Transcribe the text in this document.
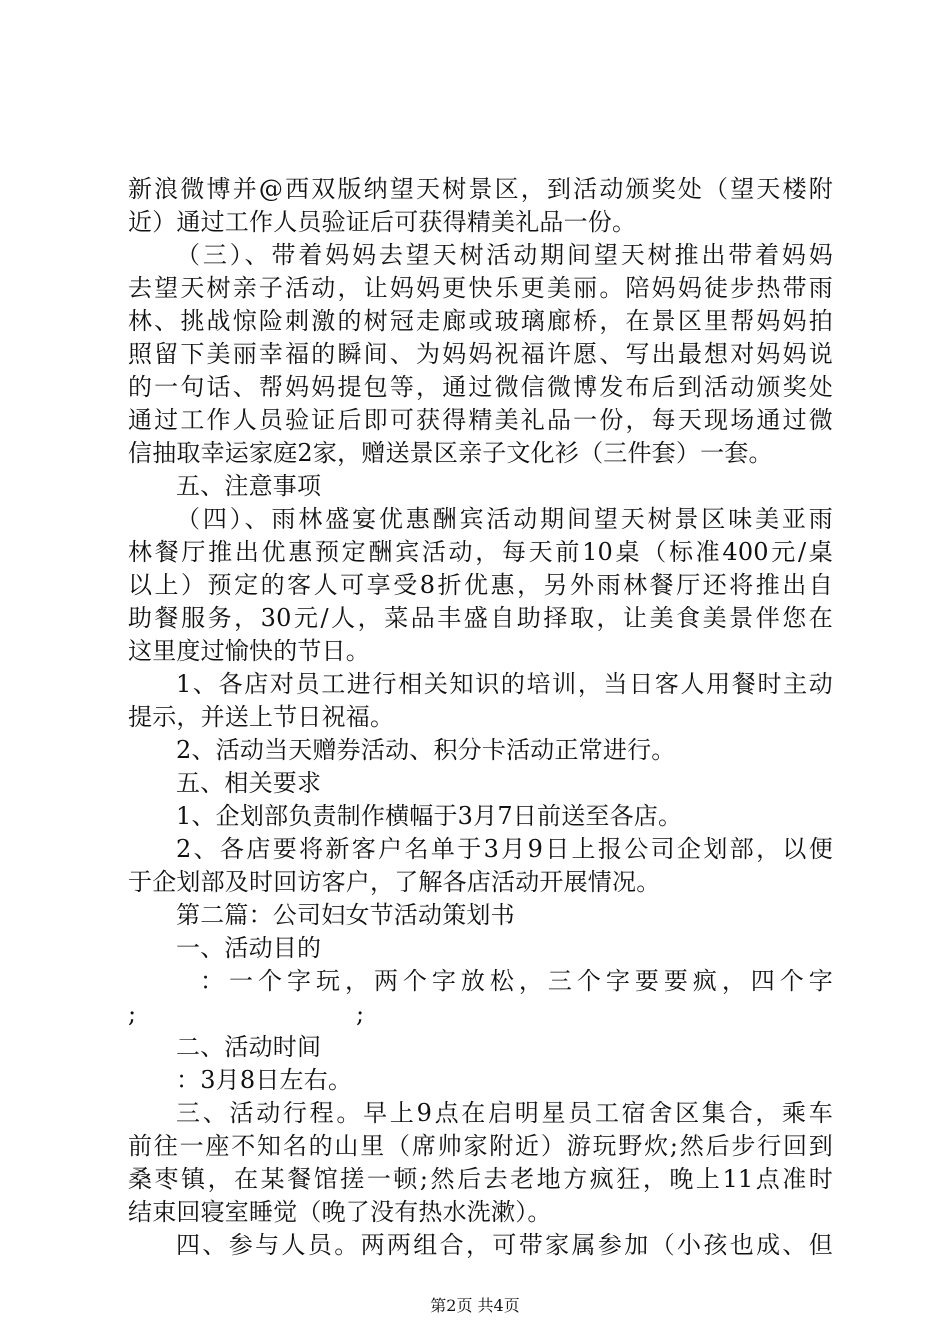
新浪微博并@西双版纳望天树景区，到活动颁奖处（望天楼附
近）通过工作人员验证后可获得精美礼品一份。
（三）、带着妈妈去望天树活动期间望天树推出带着妈妈
去望天树亲子活动，让妈妈更快乐更美丽。陪妈妈徒步热带雨
林、挑战惊险刺激的树冠走廊或玻璃廊桥，在景区里帮妈妈拍
照留下美丽幸福的瞬间、为妈妈祝福许愿、写出最想对妈妈说
的一句话、帮妈妈提包等，通过微信微博发布后到活动颁奖处
通过工作人员验证后即可获得精美礼品一份，每天现场通过微
信抽取幸运家庭2家，赠送景区亲子文化衫（三件套）一套。
五、注意事项
（四）、雨林盛宴优惠酬宾活动期间望天树景区味美亚雨
林餐厅推出优惠预定酬宾活动，每天前10桌（标准400元/桌
以上）预定的客人可享受8折优惠，另外雨林餐厅还将推出自
助餐服务，30元/人，菜品丰盛自助择取，让美食美景伴您在
这里度过愉快的节日。
1、各店对员工进行相关知识的培训，当日客人用餐时主动
提示，并送上节日祝福。
2、活动当天赠券活动、积分卡活动正常进行。
五、相关要求
1、企划部负责制作横幅于3月7日前送至各店。
2、各店要将新客户名单于3月9日上报公司企划部，以便
于企划部及时回访客户，了解各店活动开展情况。
第二篇：公司妇女节活动策划书
一、活动目的
：一个字玩，两个字放松，三个字要要疯，四个字
;	;
二、活动时间
：3月8日左右。
三、活动行程。早上9点在启明星员工宿舍区集合，乘车
前往一座不知名的山里（席帅家附近）游玩野炊;然后步行回到
桑枣镇，在某餐馆搓一顿;然后去老地方疯狂，晚上11点准时
结束回寝室睡觉（晚了没有热水洗漱）。
四、参与人员。两两组合，可带家属参加（小孩也成、但
第2页 共4页
